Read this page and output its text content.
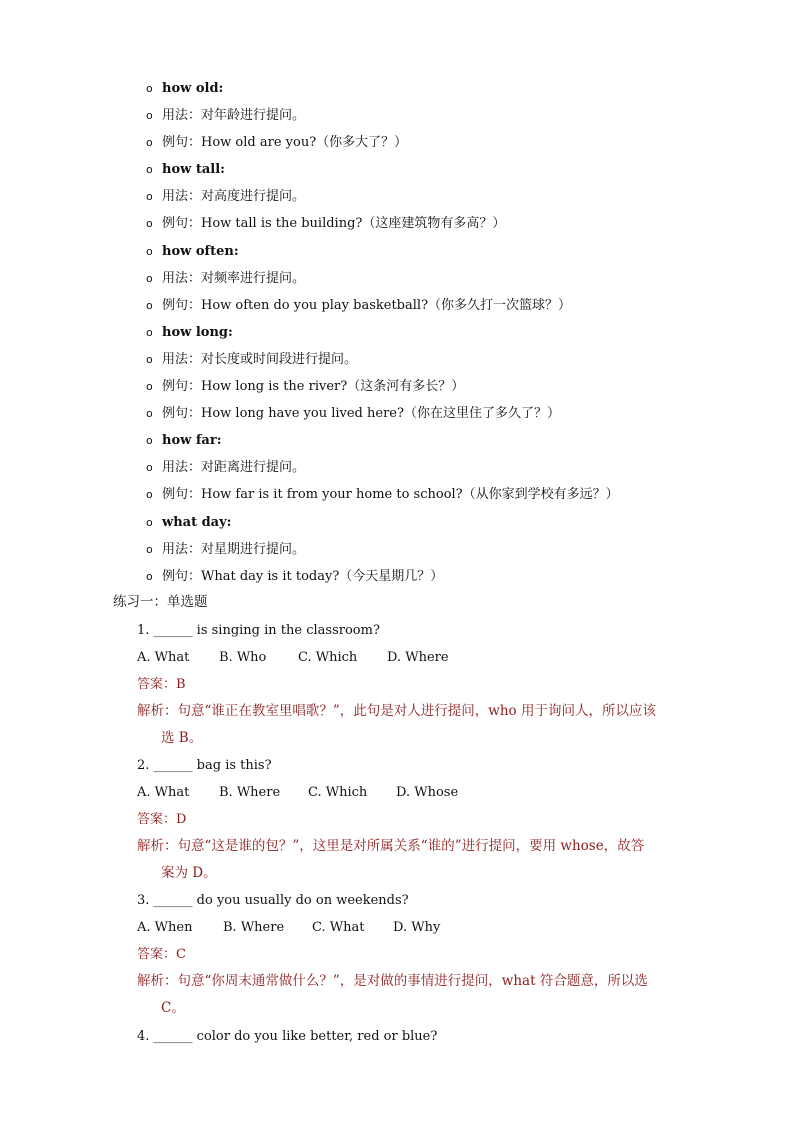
o how old:
o 用法：对年龄进行提问。
o 例句：How old are you?（你多大了？）
o how tall:
o 用法：对高度进行提问。
o 例句：How tall is the building?（这座建筑物有多高？）
o how often:
o 用法：对频率进行提问。
o 例句：How often do you play basketball?（你多久打一次篮球？）
o how long:
o 用法：对长度或时间段进行提问。
o 例句：How long is the river?（这条河有多长？）
o 例句：How long have you lived here?（你在这里住了多久了？）
o how far:
o 用法：对距离进行提问。
o 例句：How far is it from your home to school?（从你家到学校有多远？）
o what day:
o 用法：对星期进行提问。
o 例句：What day is it today?（今天星期几？）
练习一：单选题
1. ______ is singing in the classroom?
A. What B. Who C. Which D. Where
答案：B
解析：句意“谁正在教室里唱歌？”，此句是对人进行提问，who 用于询问人，所以应该
选 B。
2. ______ bag is this?
A. What B. Where C. Which D. Whose
答案：D
解析：句意“这是谁的包？”，这里是对所属关系“谁的”进行提问，要用 whose，故答
案为 D。
3. ______ do you usually do on weekends?
A. When B. Where C. What D. Why
答案：C
解析：句意“你周末通常做什么？”，是对做的事情进行提问，what 符合题意，所以选
C。
4. ______ color do you like better, red or blue?
